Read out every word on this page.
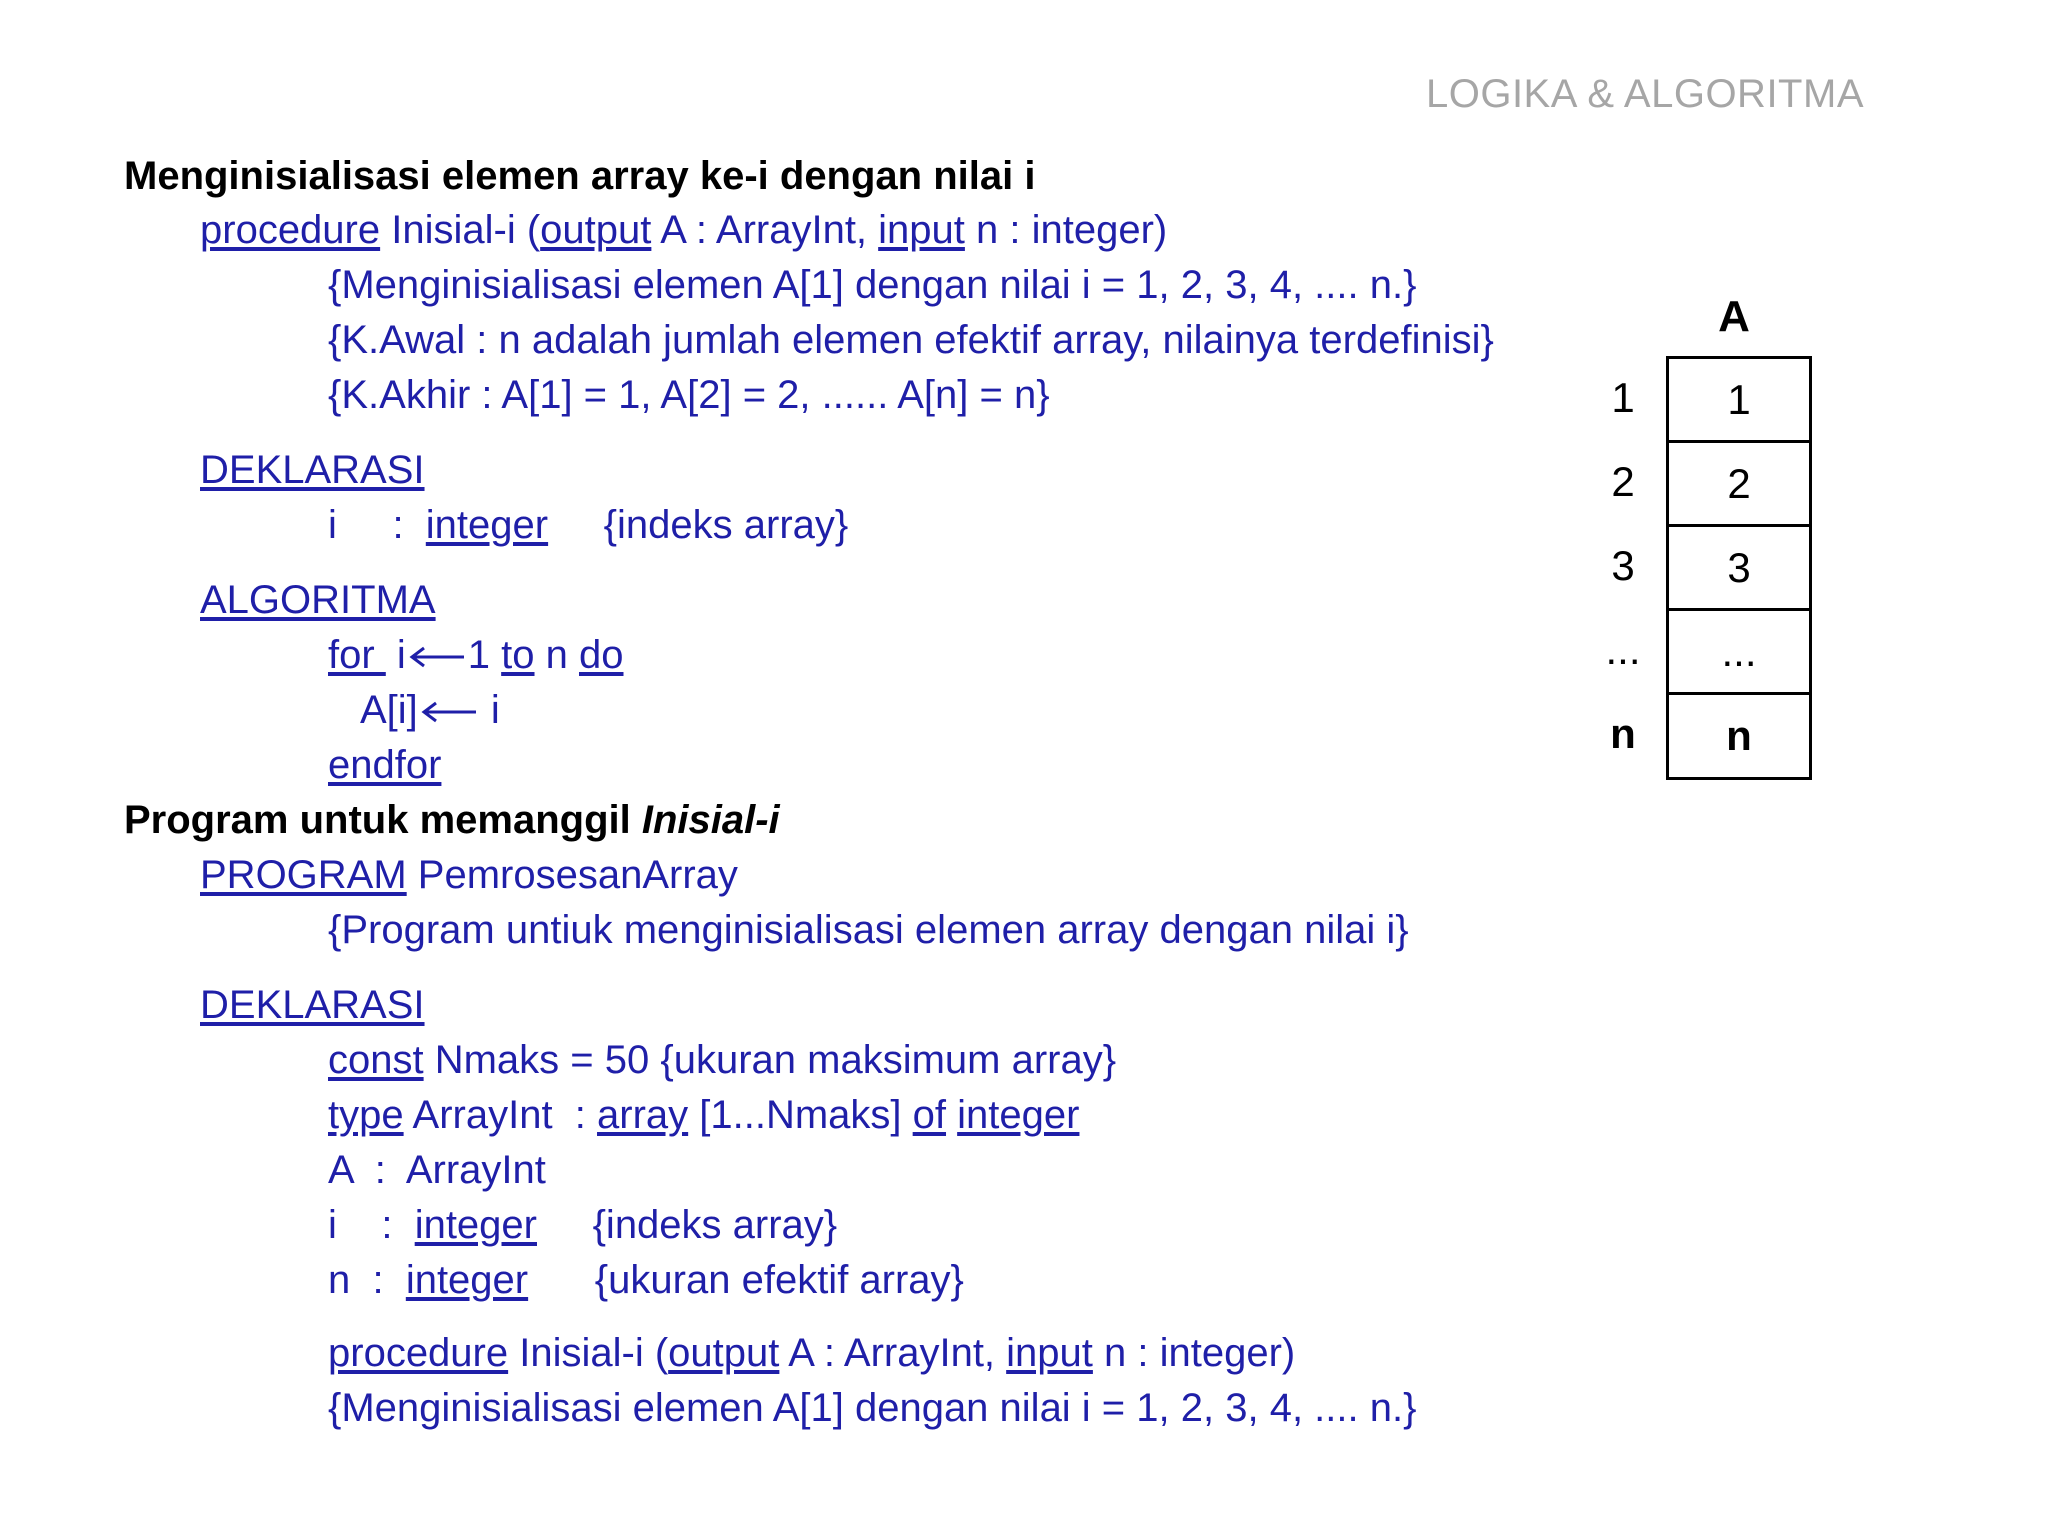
LOGIKA & ALGORITMA
Menginisialisasi elemen array ke-i dengan nilai i
procedure Inisial-i (output A : ArrayInt, input n : integer)
{Menginisialisasi elemen A[1] dengan nilai i = 1, 2, 3, 4, .... n.}
{K.Awal : n adalah jumlah elemen efektif array, nilainya terdefinisi}
{K.Akhir : A[1] = 1, A[2] = 2, ...... A[n] = n}
DEKLARASI
i     :  integer     {indeks array}
ALGORITMA
for  i 1 to n do
A[i]
i
endfor
Program untuk memanggil Inisial-i
PROGRAM PemrosesanArray
{Program untiuk menginisialisasi elemen array dengan nilai i}
DEKLARASI
const Nmaks = 50 {ukuran maksimum array}
type ArrayInt  : array [1...Nmaks] of integer
A  :  ArrayInt
i    :  integer     {indeks array}
n  :  integer      {ukuran efektif array}
procedure Inisial-i (output A : ArrayInt, input n : integer)
{Menginisialisasi elemen A[1] dengan nilai i = 1, 2, 3, 4, .... n.}
A
1	1
2	2
3	3
...	...
n	n
